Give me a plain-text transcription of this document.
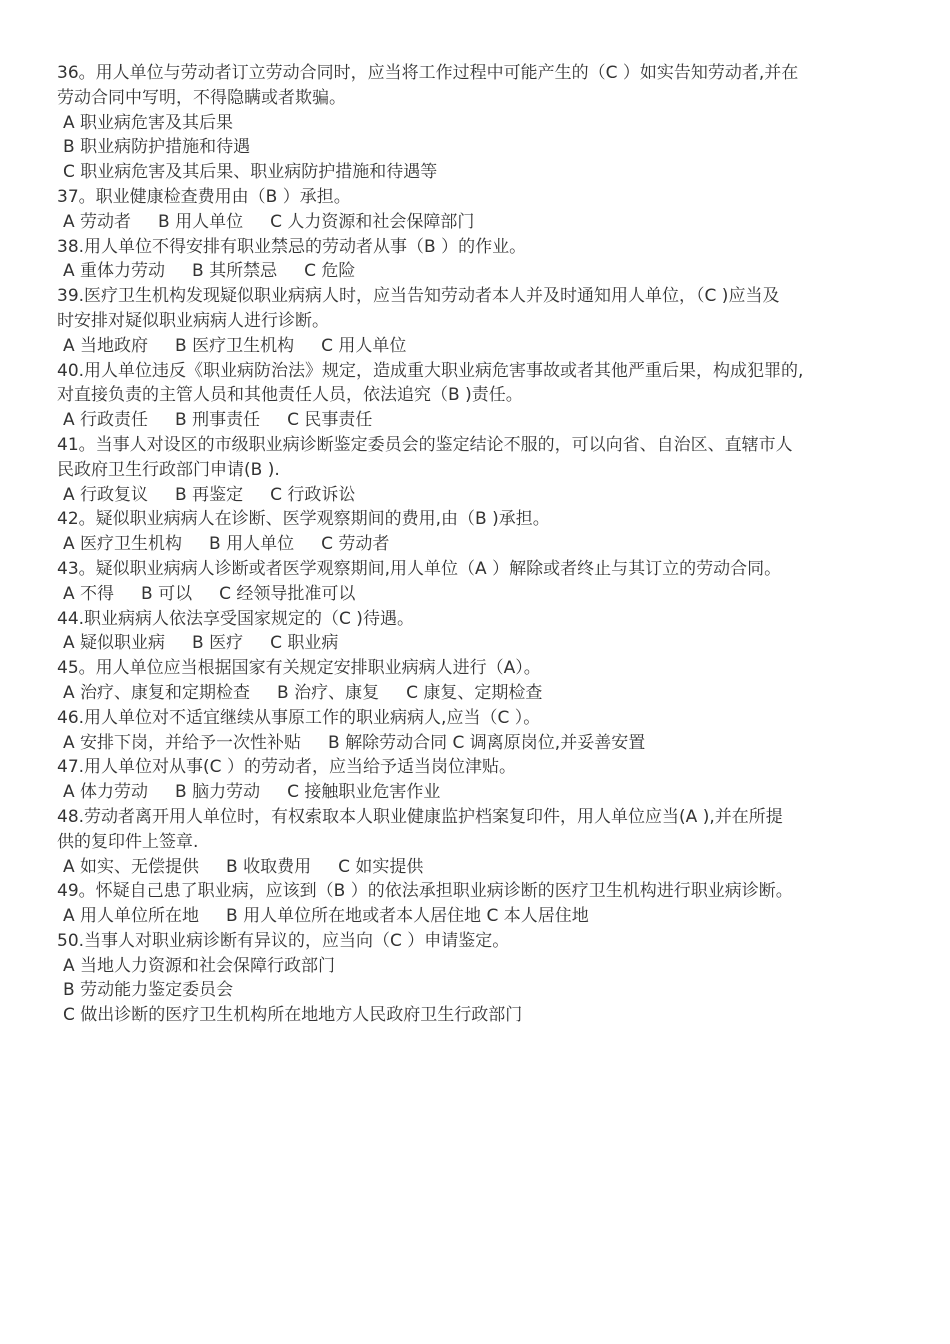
36。用人单位与劳动者订立劳动合同时，应当将工作过程中可能产生的（C ）如实告知劳动者,并在

劳动合同中写明，不得隐瞒或者欺骗。

A 职业病危害及其后果

B 职业病防护措施和待遇

C 职业病危害及其后果、职业病防护措施和待遇等

37。职业健康检查费用由（B ）承担。

A 劳动者     B 用人单位     C 人力资源和社会保障部门

38.用人单位不得安排有职业禁忌的劳动者从事（B ）的作业。

A 重体力劳动     B 其所禁忌     C 危险

39.医疗卫生机构发现疑似职业病病人时，应当告知劳动者本人并及时通知用人单位，（C )应当及

时安排对疑似职业病病人进行诊断。

A 当地政府     B 医疗卫生机构     C 用人单位

40.用人单位违反《职业病防治法》规定，造成重大职业病危害事故或者其他严重后果，构成犯罪的,

对直接负责的主管人员和其他责任人员，依法追究（B )责任。

A 行政责任     B 刑事责任     C 民事责任

41。当事人对设区的市级职业病诊断鉴定委员会的鉴定结论不服的，可以向省、自治区、直辖市人

民政府卫生行政部门申请(B ).

A 行政复议     B 再鉴定     C 行政诉讼

42。疑似职业病病人在诊断、医学观察期间的费用,由（B )承担。

A 医疗卫生机构     B 用人单位     C 劳动者

43。疑似职业病病人诊断或者医学观察期间,用人单位（A ）解除或者终止与其订立的劳动合同。

A 不得     B 可以     C 经领导批准可以

44.职业病病人依法享受国家规定的（C )待遇。

A 疑似职业病     B 医疗     C 职业病

45。用人单位应当根据国家有关规定安排职业病病人进行（A）。

A 治疗、康复和定期检查     B 治疗、康复     C 康复、定期检查

46.用人单位对不适宜继续从事原工作的职业病病人,应当（C ）。

A 安排下岗，并给予一次性补贴     B 解除劳动合同 C 调离原岗位,并妥善安置

47.用人单位对从事(C ）的劳动者，应当给予适当岗位津贴。

A 体力劳动     B 脑力劳动     C 接触职业危害作业

48.劳动者离开用人单位时，有权索取本人职业健康监护档案复印件，用人单位应当(A ),并在所提

供的复印件上签章.

A 如实、无偿提供     B 收取费用     C 如实提供

49。怀疑自己患了职业病，应该到（B ）的依法承担职业病诊断的医疗卫生机构进行职业病诊断。

A 用人单位所在地     B 用人单位所在地或者本人居住地 C 本人居住地

50.当事人对职业病诊断有异议的，应当向（C ）申请鉴定。

A 当地人力资源和社会保障行政部门

B 劳动能力鉴定委员会

C 做出诊断的医疗卫生机构所在地地方人民政府卫生行政部门
